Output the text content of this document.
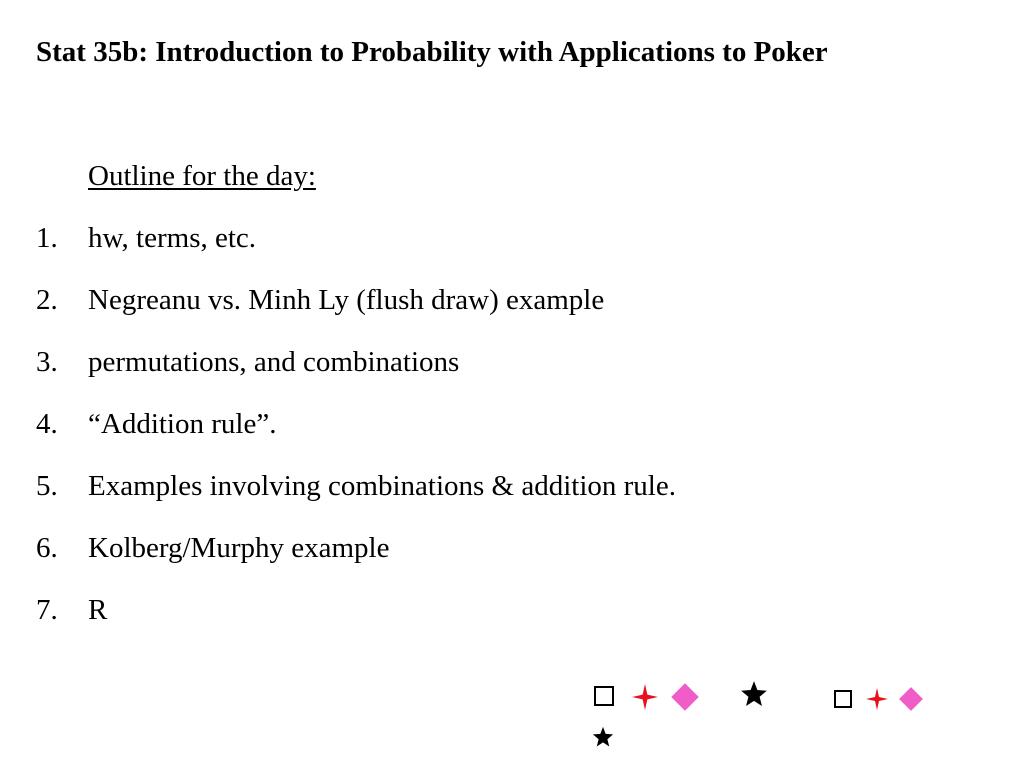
Stat 35b: Introduction to Probability with Applications to Poker
Outline for the day:
1. hw, terms, etc.
2. Negreanu vs. Minh Ly (flush draw) example
3. permutations, and combinations
4. “Addition rule”.
5. Examples involving combinations & addition rule.
6. Kolberg/Murphy example
7. R
